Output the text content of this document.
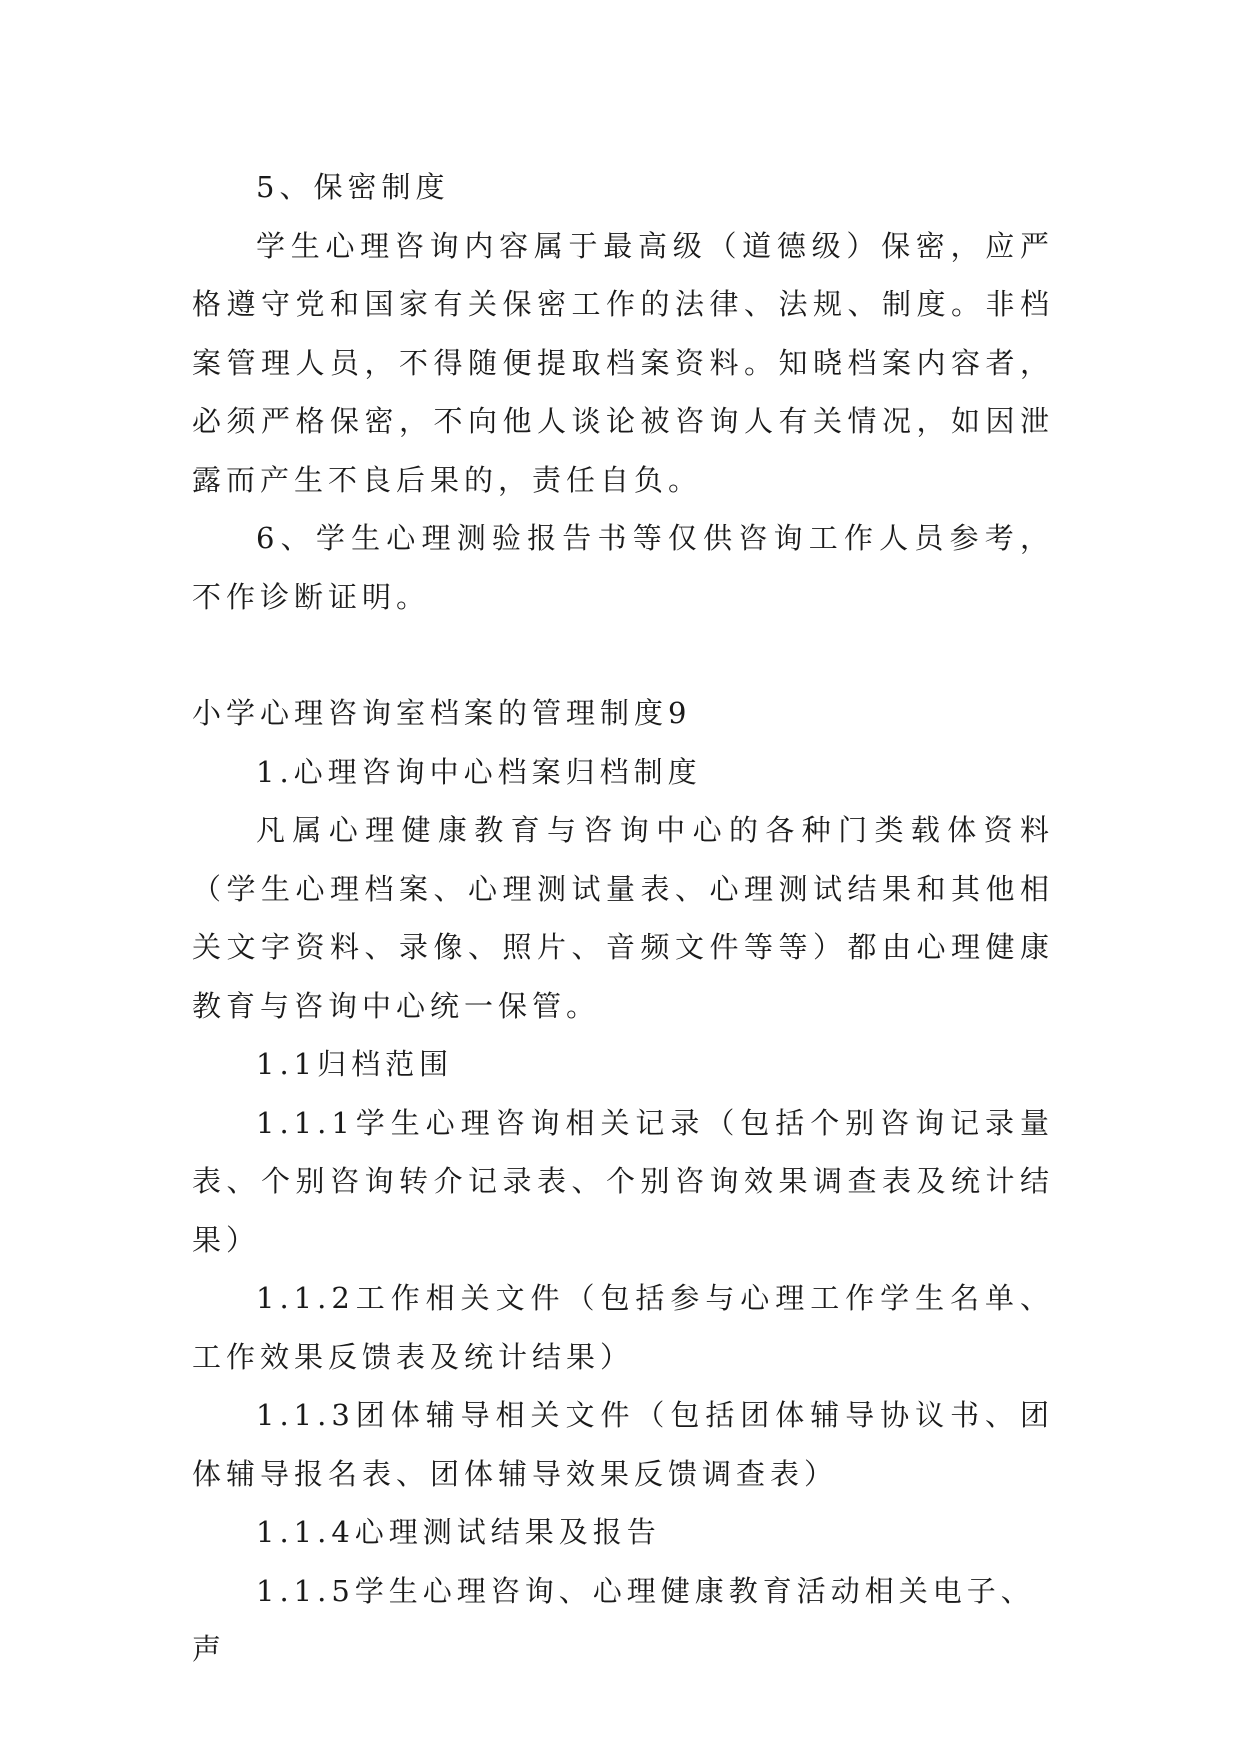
5、保密制度

学生心理咨询内容属于最高级（道德级）保密，应严格遵守党和国家有关保密工作的法律、法规、制度。非档案管理人员，不得随便提取档案资料。知晓档案内容者，必须严格保密，不向他人谈论被咨询人有关情况，如因泄露而产生不良后果的，责任自负。

6、学生心理测验报告书等仅供咨询工作人员参考，不作诊断证明。

小学心理咨询室档案的管理制度9

1.心理咨询中心档案归档制度

凡属心理健康教育与咨询中心的各种门类载体资料（学生心理档案、心理测试量表、心理测试结果和其他相关文字资料、录像、照片、音频文件等等）都由心理健康教育与咨询中心统一保管。

1.1归档范围

1.1.1学生心理咨询相关记录（包括个别咨询记录量表、个别咨询转介记录表、个别咨询效果调查表及统计结果）

1.1.2工作相关文件（包括参与心理工作学生名单、工作效果反馈表及统计结果）

1.1.3团体辅导相关文件（包括团体辅导协议书、团体辅导报名表、团体辅导效果反馈调查表）

1.1.4心理测试结果及报告

1.1.5学生心理咨询、心理健康教育活动相关电子、声
